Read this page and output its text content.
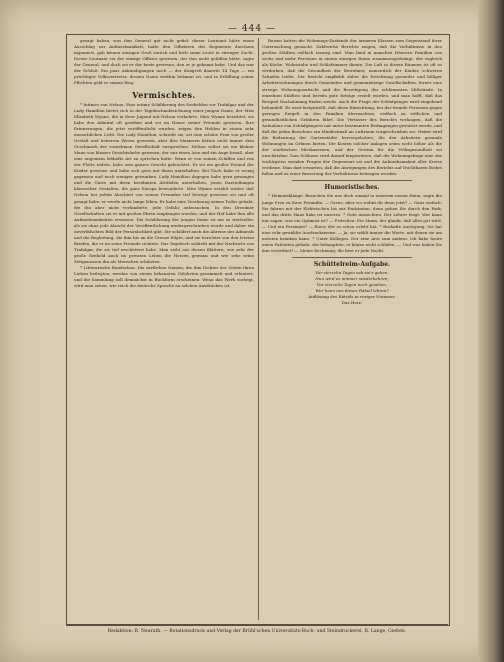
— 444 —

gesagt haben, was ihm General gut nicht gefiel: dieser Leutnant hätte einen Ausschlag zur Aufmerksamkeit, hatte den Offizieren des Regiments durchaus imponiert, gab keinen einzigen Gruß zurück und hielt seine Leute in strenger Zucht. Dieser Leutnant sei der einzige Offizier gewesen, der ihm nicht gefallen hätte, sagte der General, und doch sei er der beste gewesen, den er je gekannt habe. Und das war der Schluß. Ein paar Ankündigungen noch — der Kongreß dauerte 14 Tage — ein prächtiger Volksvertreter, dessen Name weithin bekannt ist, und in Erfüllung seiner Pflichten geht er seinen Weg.

Vermischtes.

* Intimes von Nelson. Eine intime Schilderung des Seehelden vor Trafalgar und der Lady Hamilton bietet sich in der Tagebuchaufzeichnung einer jungen Dame, der Miss Elizabeth Wynne, die in ihrer Jugend mit Nelson verkehrte. Miss Wynne berichtet, sie habe den Admiral oft gesehen und sei im Hause seiner Freunde gewesen. Ihre Erinnerungen, die jetzt veröffentlicht wurden, zeigen den Helden in einem sehr menschlichen Licht. Die Lady Hamilton, schreibt sie, sei eine schöne Frau von großer Gestalt und heiterem Wesen gewesen, aber ihre Manieren hätten nicht immer dem Geschmack der vornehmen Gesellschaft entsprochen. Nelson selbst sei ein kleiner Mann von blasser Gesichtsfarbe gewesen, der nur einen Arm und ein Auge besaß, aber eine ungemein lebhafte Art zu sprechen hatte. Wenn er von seinen Schiffen und von der Flotte redete, habe sein ganzes Gesicht geleuchtet. Er sei ein großer Freund der Kinder gewesen und habe sich gern mit ihnen unterhalten. Bei Tisch habe er wenig gegessen und noch weniger getrunken. Lady Hamilton dagegen habe gern gesungen und die Gäste mit ihren berühmten Attitüden unterhalten, jenen Darstellungen klassischer Gestalten, die ganz Europa bewunderte. Miss Wynne erzählt weiter, daß Nelson bei jedem Abschied von seinen Freunden tief bewegt gewesen sei und oft gesagt habe, er werde nicht lange leben. Er habe eine Vorahnung seines Todes gehabt, die ihn aber nicht verhinderte, jede Gefahr aufzusuchen. In den Dresdner Gesellschaften sei er mit großen Ehren empfangen worden, und der Hof habe ihm alle Aufmerksamkeiten erwiesen. Die Schilderung der jungen Dame ist um so wertvoller, als sie ohne jede Absicht der Veröffentlichung niedergeschrieben wurde und daher ein unverfälschtes Bild der Persönlichkeit gibt. Sie schildert auch die Abreise des Admirals und die Begleitung, die ihm bis an die Grenze folgte, und sie berichtet von den letzten Briefen, die er an seine Freunde richtete. Das Tagebuch schließt mit der Nachricht von Trafalgar, die sie tief erschüttert habe. Man sieht aus diesen Blättern, wie sehr der große Seeheld auch im privaten Leben die Herzen gewann und wie sehr seine Zeitgenossen ihn als Menschen schätzten.

* Litterarische Rundschau. Die zärtlichen Namen, die ihm Dichter der Zeiten ihren Lieben beilegten, werden von einem bekannten Gelehrten gesammelt und erläutert, und die Sammlung soll demnächst in Buchform erscheinen. Wenn das Werk vorliegt, wird man sehen, wie reich die deutsche Sprache an solchen Ausdrücken ist.

Reisen hatten die Wohnungs-Zustände der ärmeren Klassen zum Gegenstand ihrer Untersuchung gemacht. Zahlreiche Berichte zeigen, daß die Verhältnisse in den großen Städten vielfach traurig sind. Man fand in manchen Häusern Familien von sechs und mehr Personen in einem einzigen Raum zusammengedrängt, der zugleich als Küche, Wohnstube und Schlafzimmer diente. Die Luft in diesen Räumen ist oft so verdorben, daß die Gesundheit der Bewohner, namentlich der Kinder, schweren Schaden leidet. Der Bericht empfiehlt daher die Errichtung gesunder und billiger Arbeiterwohnungen durch Gemeinden und gemeinnützige Gesellschaften, ferner eine strenge Wohnungsaufsicht und die Beseitigung der schlimmsten Mißstände. In einzelnen Städten sind bereits gute Erfolge erzielt worden, und man hofft, daß das Beispiel Nachahmung finden werde. Auch die Frage der Schlafgänger wird eingehend behandelt. Es wird festgestellt, daß diese Einrichtung, bei der fremde Personen gegen geringes Entgelt in den Familien übernachten, vielfach zu sittlichen und gesundheitlichen Gefahren führt. Die Verfasser des Berichts verlangen, daß die Aufnahme von Schlafgängern nur unter bestimmten Bedingungen gestattet werde, und daß für jeden Bewohner ein Mindestmaß an Luftraum vorgeschrieben sei. Weiter wird die Bedeutung der Gartenstädte hervorgehoben, die den Arbeitern gesunde Wohnungen im Grünen bieten. Die Kosten solcher Anlagen seien nicht höher als die der städtischen Mietkasernen, und der Gewinn für die Volksgesundheit sei unschätzbar. Zum Schlusse wird darauf hingewiesen, daß die Wohnungsfrage eine der wichtigsten sozialen Fragen der Gegenwart sei und die Aufmerksamkeit aller Kreise verdiene. Man darf erwarten, daß die Anregungen des Berichts auf fruchtbaren Boden fallen und zu einer Besserung der Verhältnisse beitragen werden.

Humoristisches.

* Heimatsklänge. Besuchen Sie uns doch einmal in unserem neuen Heim, sagte die junge Frau zu ihrer Freundin. — Gerne, aber wo wohnt ihr denn jetzt? — Ganz einfach: Sie fahren mit der Elektrischen bis zur Endstation, dann gehen Sie durch den Park, und das dritte Haus links ist unseres. * Gute Aussichten. Der Lehrer fragt: Wer kann mir sagen, was ein Optimist ist? — Fritzchen: Ein Mann, der glaubt, daß alles gut wird. — Und ein Pessimist? — Einer, der es schon erlebt hat. * Boshafte Auslegung. Sie hat eine sehr gewählte Ausdrucksweise. — Ja, sie wählt immer die Worte, mit denen sie am meisten kränken kann. * Unter Kollegen. Der eine Arzt zum andern: Ich habe heute einen Patienten gehabt, der behauptete, er könne nicht schlafen. — Und was haben Sie ihm verordnet? — Meine Rechnung; die liest er jede Nacht.

Schüttelreim-Aufgabe.

Vor vierzehn Tagen sah sie's gehen,

Nun wird es nimmer wiederkehren;

Vor vierzehn Tagen noch gesehen,

Wer kann uns dieses Rätsel lehren?

Auflösung des Rätsels in voriger Nummer:

Das Herz.

Redaktion: R. Neurath. — Rotationsdruck und Verlag der Brühl'schen Universitäts-Buch- und Steindruckerei, R. Lange, Gießen.
